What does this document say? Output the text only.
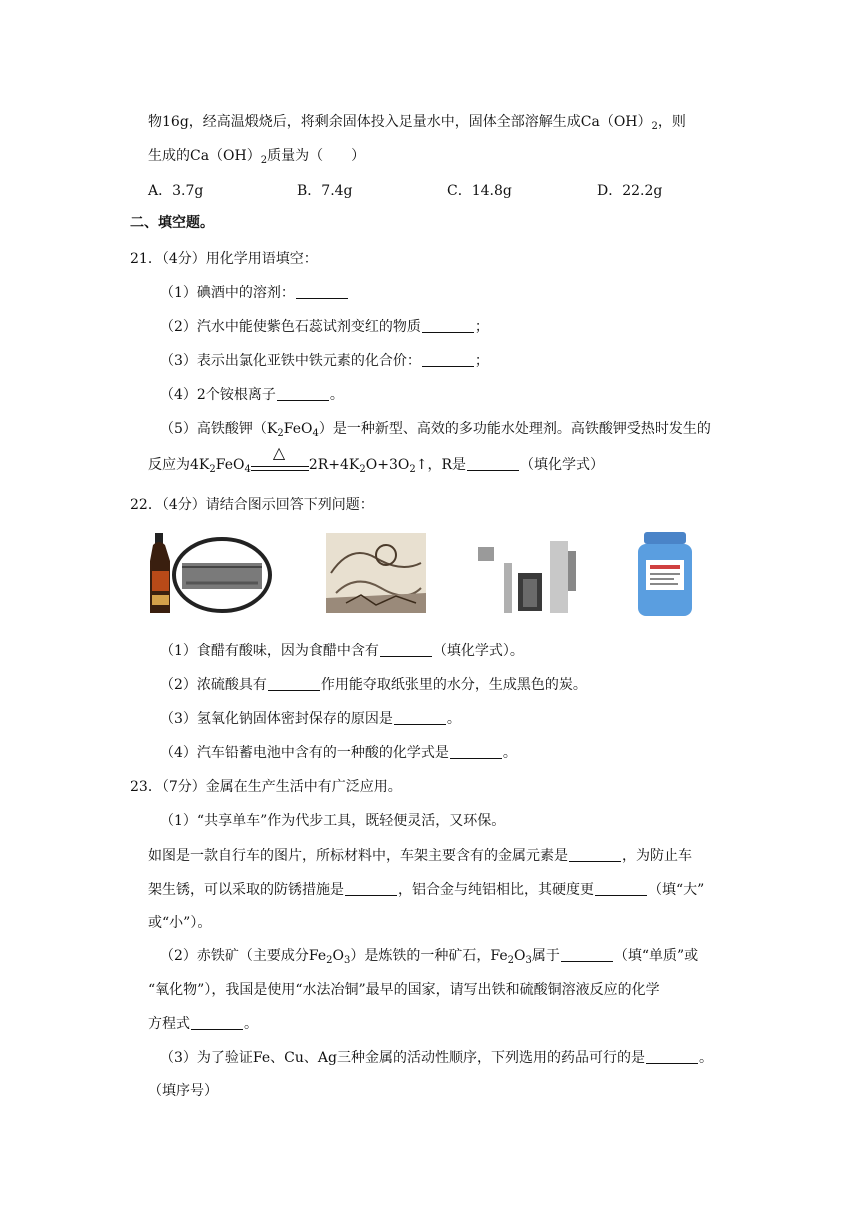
物16g，经高温煅烧后，将剩余固体投入足量水中，固体全部溶解生成$Ca(OH)_2$，则
生成的$Ca(OH)_2$质量为（　　）
A．3.7g	B．7.4g	C．14.8g	D．22.2g
二、填空题。
21．（4分）用化学用语填空：
（1）碘酒中的溶剂：
（2）汽水中能使紫色石蕊试剂变红的物质	；
（3）表示出氯化亚铁中铁元素的化合价：	；
（4）2个铵根离子	。
（5）高铁酸钾$(K_2FeO_4)$是一种新型、高效的多功能水处理剂。高铁酸钾受热时发生的
反应为$4K_2FeO_4$
△
$2R+4K_2O+3O_2↑$，R是	（填化学式）
22．（4分）请结合图示回答下列问题：
（1）食醋有酸味，因为食醋中含有	（填化学式）。
（2）浓硫酸具有	作用能夺取纸张里的水分，生成黑色的炭。
（3）氢氧化钠固体密封保存的原因是	。
（4）汽车铅蓄电池中含有的一种酸的化学式是	。
23．（7分）金属在生产生活中有广泛应用。
（1）“共享单车”作为代步工具，既轻便灵活，又环保。
如图是一款自行车的图片，所标材料中，车架主要含有的金属元素是	，为防止车
架生锈，可以采取的防锈措施是	，铝合金与纯铝相比，其硬度更	（填“大”
或“小”）。
（2）赤铁矿（主要成分$Fe_2O_3$）是炼铁的一种矿石，$Fe_2O_3$属于	（填“单质”或
“氧化物”），我国是使用“水法冶铜”最早的国家，请写出铁和硫酸铜溶液反应的化学
方程式	。
（3）为了验证Fe、Cu、Ag三种金属的活动性顺序，下列选用的药品可行的是	。
（填序号）
